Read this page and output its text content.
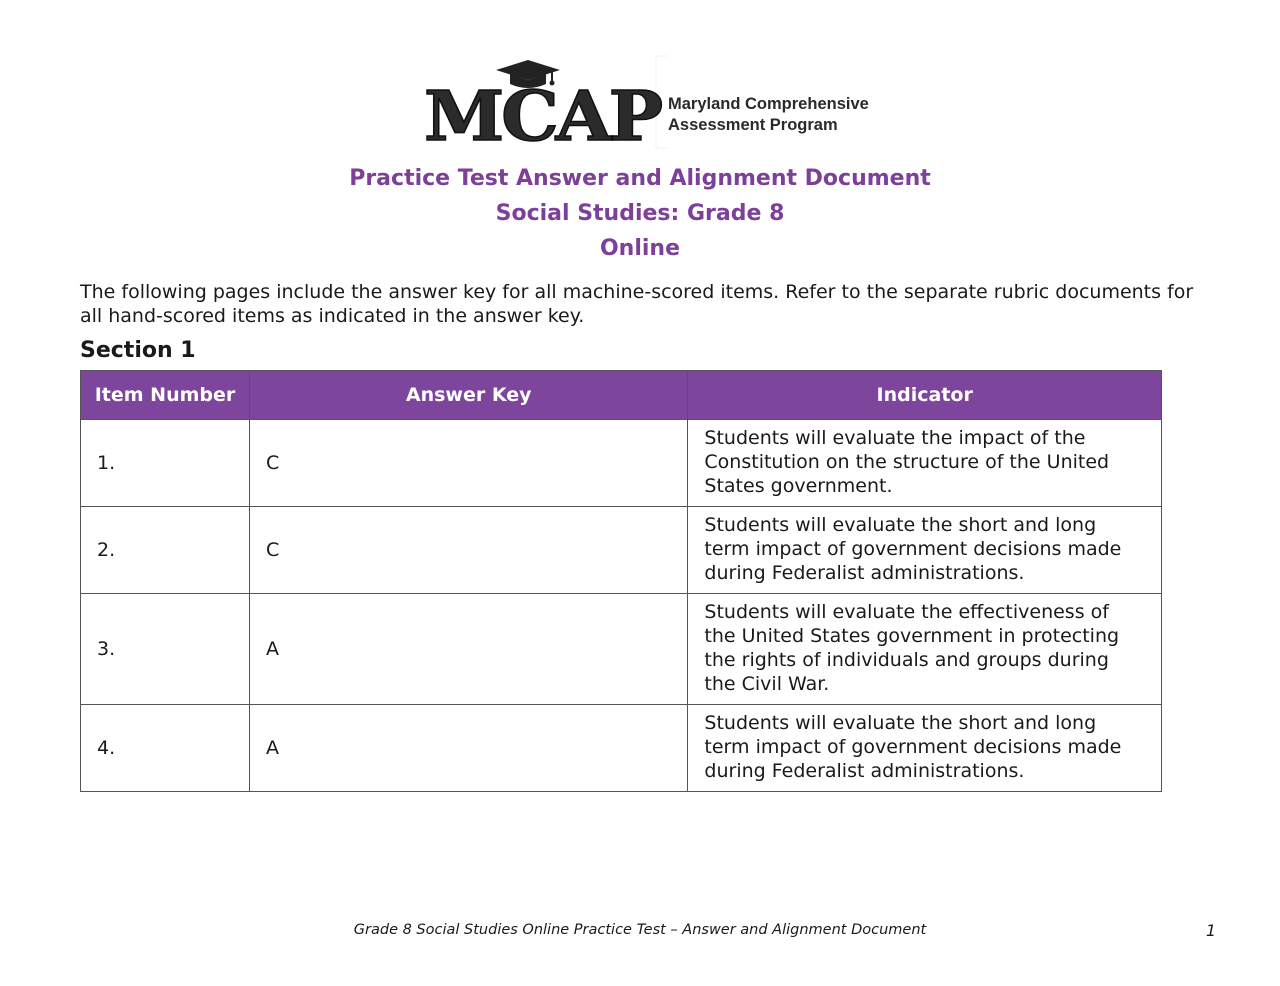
MCAP Maryland Comprehensive
Assessment Program
Practice Test Answer and Alignment Document
Social Studies: Grade 8
Online

The following pages include the answer key for all machine-scored items. Refer to the separate rubric documents for all hand-scored items as indicated in the answer key.

Section 1
Item Number	Answer Key	Indicator
1.	C	Students will evaluate the impact of the Constitution on the structure of the United States government.
2.	C	Students will evaluate the short and long term impact of government decisions made during Federalist administrations.
3.	A	Students will evaluate the effectiveness of the United States government in protecting the rights of individuals and groups during the Civil War.
4.	A	Students will evaluate the short and long term impact of government decisions made during Federalist administrations.

Grade 8 Social Studies Online Practice Test – Answer and Alignment Document	1
